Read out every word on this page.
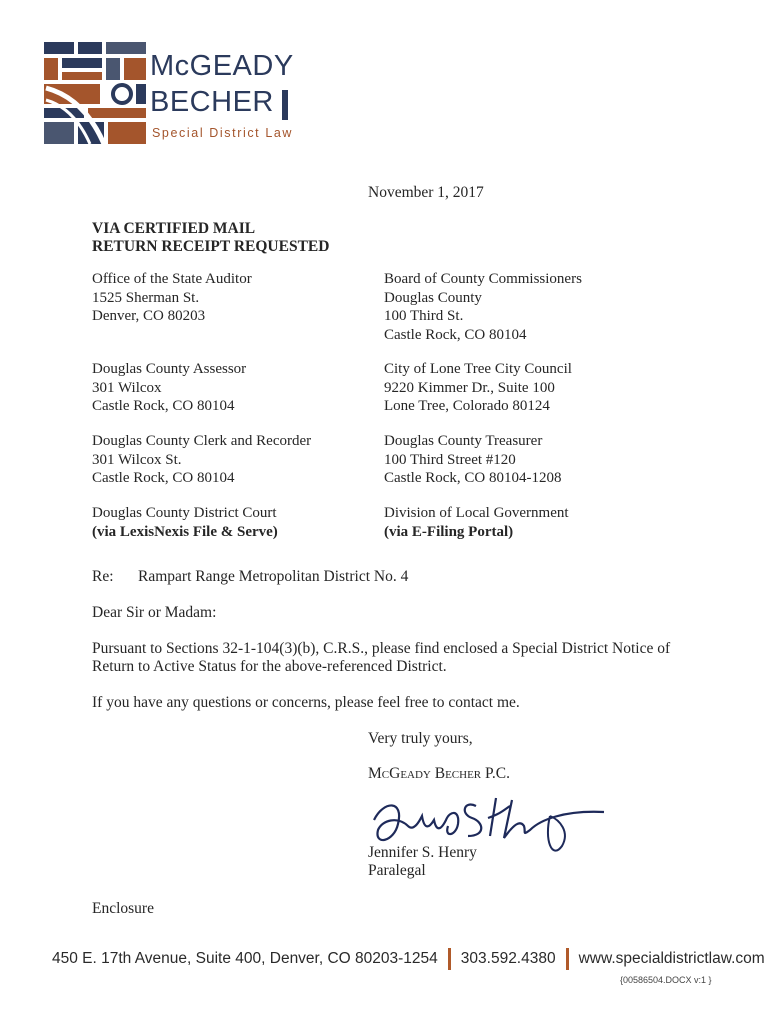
McGEADY
BECHER
Special District Law
November 1, 2017
VIA CERTIFIED MAIL
RETURN RECEIPT REQUESTED
Office of the State Auditor
1525 Sherman St.
Denver, CO 80203
Douglas County Assessor
301 Wilcox
Castle Rock, CO 80104
Douglas County Clerk and Recorder
301 Wilcox St.
Castle Rock, CO 80104
Douglas County District Court
(via LexisNexis File & Serve)
Board of County Commissioners
Douglas County
100 Third St.
Castle Rock, CO 80104
City of Lone Tree City Council
9220 Kimmer Dr., Suite 100
Lone Tree, Colorado 80124
Douglas County Treasurer
100 Third Street #120
Castle Rock, CO 80104-1208
Division of Local Government
(via E-Filing Portal)
Re: Rampart Range Metropolitan District No. 4
Dear Sir or Madam:
Pursuant to Sections 32-1-104(3)(b), C.R.S., please find enclosed a Special District Notice of
Return to Active Status for the above-referenced District.
If you have any questions or concerns, please feel free to contact me.
Very truly yours,
McGeady Becher P.C.
Jennifer S. Henry
Paralegal
Enclosure
450 E. 17th Avenue, Suite 400, Denver, CO 80203-1254 303.592.4380 www.specialdistrictlaw.com
{00586504.DOCX v:1 }
